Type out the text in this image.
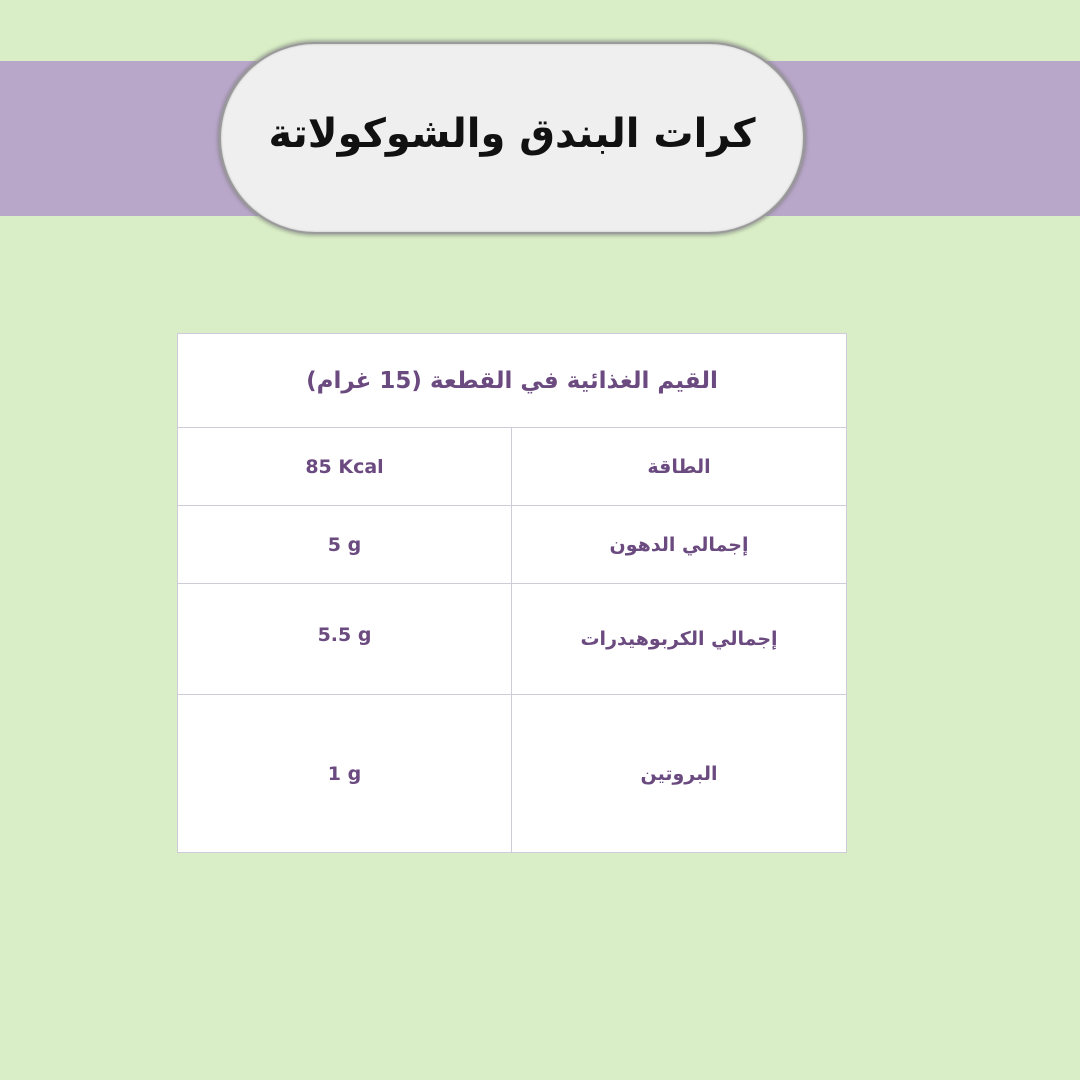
كرات البندق والشوكولاتة
القيم الغذائية في القطعة (15 غرام)
85 Kcal	الطاقة
5 g	إجمالي الدهون
5.5 g	إجمالي الكربوهيدرات
1 g	البروتين
